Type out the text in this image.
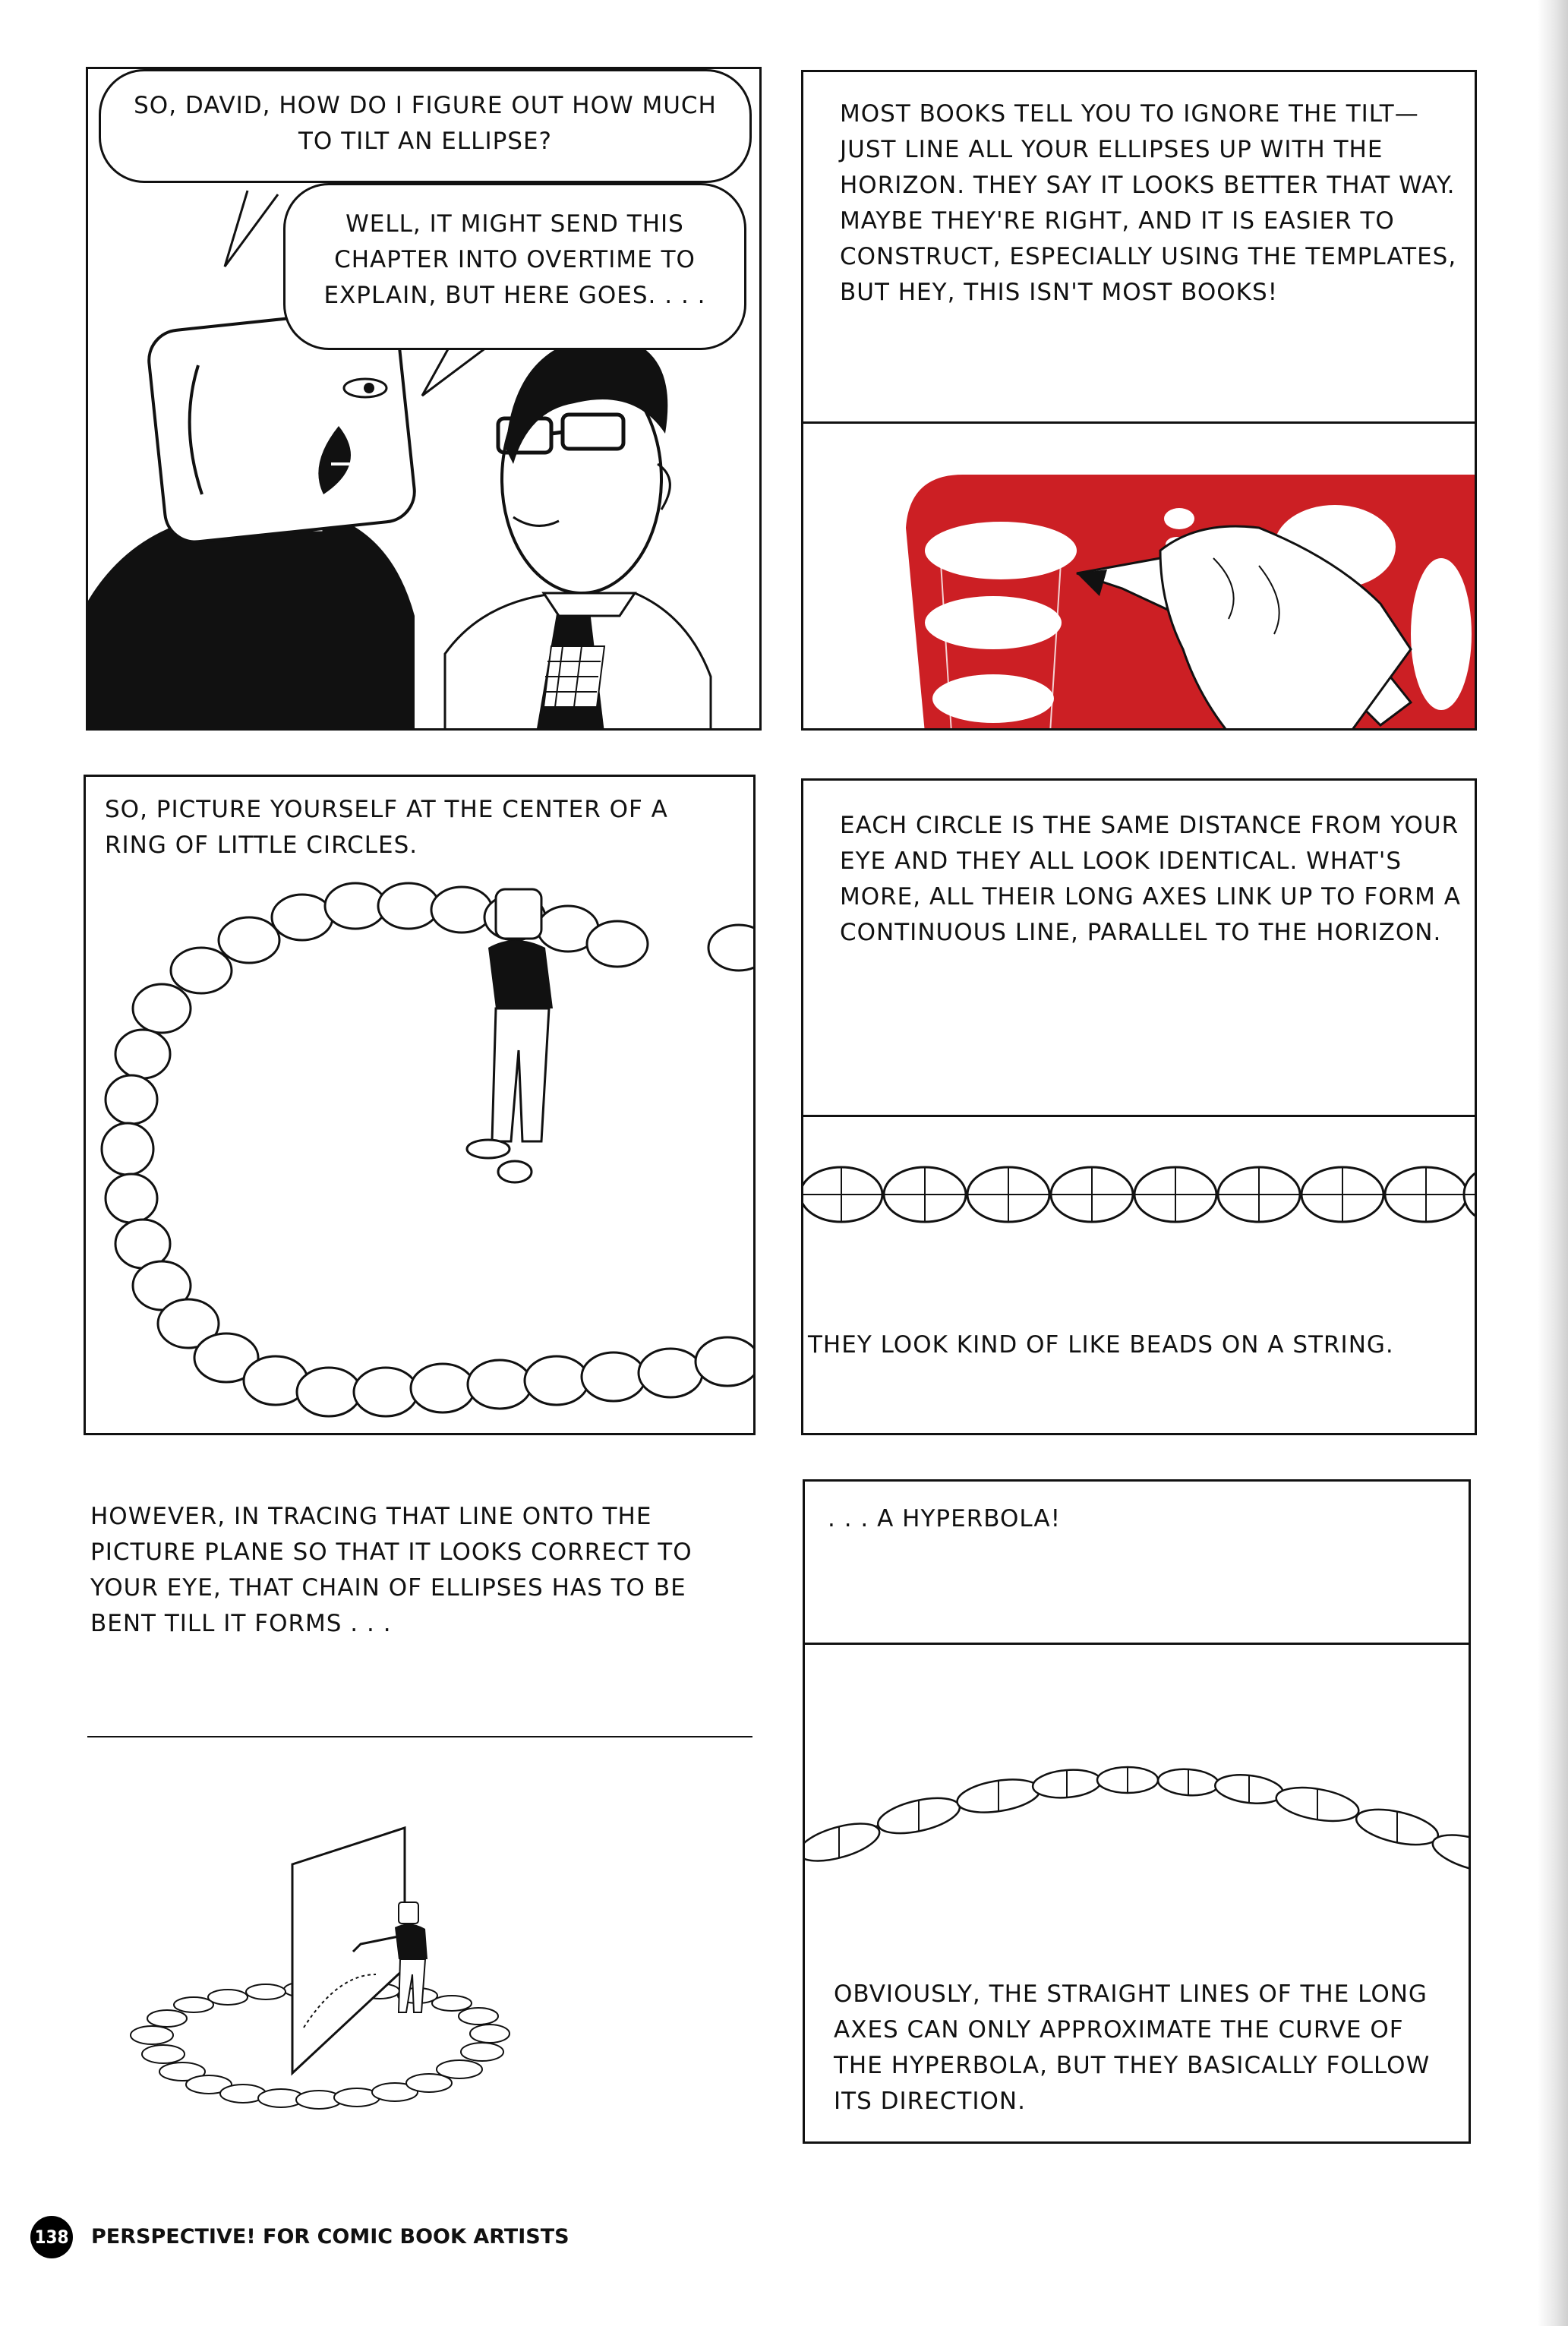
SO, DAVID, HOW DO I FIGURE OUT HOW MUCH TO TILT AN ELLIPSE?
WELL, IT MIGHT SEND THIS CHAPTER INTO OVERTIME TO EXPLAIN, BUT HERE GOES. . . .

MOST BOOKS TELL YOU TO IGNORE THE TILT—JUST LINE ALL YOUR ELLIPSES UP WITH THE HORIZON. THEY SAY IT LOOKS BETTER THAT WAY. MAYBE THEY'RE RIGHT, AND IT IS EASIER TO CONSTRUCT, ESPECIALLY USING THE TEMPLATES, BUT HEY, THIS ISN'T MOST BOOKS!

SO, PICTURE YOURSELF AT THE CENTER OF A RING OF LITTLE CIRCLES.

EACH CIRCLE IS THE SAME DISTANCE FROM YOUR EYE AND THEY ALL LOOK IDENTICAL. WHAT'S MORE, ALL THEIR LONG AXES LINK UP TO FORM A CONTINUOUS LINE, PARALLEL TO THE HORIZON.

THEY LOOK KIND OF LIKE BEADS ON A STRING.

HOWEVER, IN TRACING THAT LINE ONTO THE PICTURE PLANE SO THAT IT LOOKS CORRECT TO YOUR EYE, THAT CHAIN OF ELLIPSES HAS TO BE BENT TILL IT FORMS . . .

. . . A HYPERBOLA!

OBVIOUSLY, THE STRAIGHT LINES OF THE LONG AXES CAN ONLY APPROXIMATE THE CURVE OF THE HYPERBOLA, BUT THEY BASICALLY FOLLOW ITS DIRECTION.

138 PERSPECTIVE! FOR COMIC BOOK ARTISTS
